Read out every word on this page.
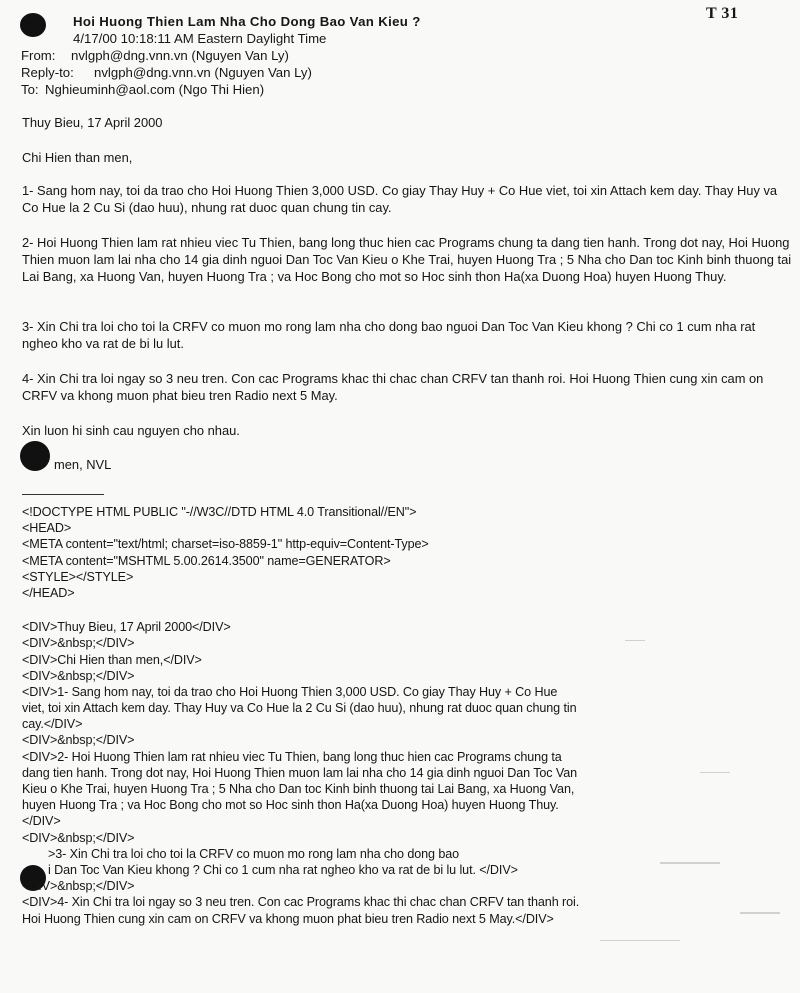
T 31
Hoi Huong Thien Lam Nha Cho Dong Bao Van Kieu ?
4/17/00 10:18:11 AM Eastern Daylight Time
From: nvlgph@dng.vnn.vn (Nguyen Van Ly)
Reply-to: nvlgph@dng.vnn.vn (Nguyen Van Ly)
To: Nghieuminh@aol.com (Ngo Thi Hien)

Thuy Bieu, 17 April 2000

Chi Hien than men,

1- Sang hom nay, toi da trao cho Hoi Huong Thien 3,000 USD. Co giay Thay Huy + Co Hue viet, toi xin Attach kem day. Thay Huy va Co Hue la 2 Cu Si (dao huu), nhung rat duoc quan chung tin cay.

2- Hoi Huong Thien lam rat nhieu viec Tu Thien, bang long thuc hien cac Programs chung ta dang tien hanh. Trong dot nay, Hoi Huong Thien muon lam lai nha cho 14 gia dinh nguoi Dan Toc Van Kieu o Khe Trai, huyen Huong Tra ; 5 Nha cho Dan toc Kinh binh thuong tai Lai Bang, xa Huong Van, huyen Huong Tra ; va Hoc Bong cho mot so Hoc sinh thon Ha(xa Duong Hoa) huyen Huong Thuy.

3- Xin Chi tra loi cho toi la CRFV co muon mo rong lam nha cho dong bao nguoi Dan Toc Van Kieu khong ? Chi co 1 cum nha rat ngheo kho va rat de bi lu lut.

4- Xin Chi tra loi ngay so 3 neu tren. Con cac Programs khac thi chac chan CRFV tan thanh roi. Hoi Huong Thien cung xin cam on CRFV va khong muon phat bieu tren Radio next 5 May.

Xin luon hi sinh cau nguyen cho nhau.

men, NVL

<!DOCTYPE HTML PUBLIC "-//W3C//DTD HTML 4.0 Transitional//EN">
<HEAD>
<META content="text/html; charset=iso-8859-1" http-equiv=Content-Type>
<META content="MSHTML 5.00.2614.3500" name=GENERATOR>
<STYLE></STYLE>
</HEAD>
<DIV>Thuy Bieu, 17 April 2000</DIV>
<DIV>&nbsp;</DIV>
<DIV>Chi Hien than men,</DIV>
<DIV>&nbsp;</DIV>
<DIV>1- Sang hom nay, toi da trao cho Hoi Huong Thien 3,000 USD. Co giay Thay Huy + Co Hue viet, toi xin Attach kem day. Thay Huy va Co Hue la 2 Cu Si (dao huu), nhung rat duoc quan chung tin cay.</DIV>
<DIV>&nbsp;</DIV>
<DIV>2- Hoi Huong Thien lam rat nhieu viec Tu Thien, bang long thuc hien cac Programs chung ta dang tien hanh. Trong dot nay, Hoi Huong Thien muon lam lai nha cho 14 gia dinh nguoi Dan Toc Van Kieu o Khe Trai, huyen Huong Tra ; 5 Nha cho Dan toc Kinh binh thuong tai Lai Bang, xa Huong Van, huyen Huong Tra ; va Hoc Bong cho mot so Hoc sinh thon Ha(xa Duong Hoa) huyen Huong Thuy.</DIV>
<DIV>&nbsp;</DIV>
>3- Xin Chi tra loi cho toi la CRFV co muon mo rong lam nha cho dong bao
i Dan Toc Van Kieu khong ? Chi co 1 cum nha rat ngheo kho va rat de bi lu lut. </DIV>
<DIV>&nbsp;</DIV>
<DIV>4- Xin Chi tra loi ngay so 3 neu tren. Con cac Programs khac thi chac chan CRFV tan thanh roi. Hoi Huong Thien cung xin cam on CRFV va khong muon phat bieu tren Radio next 5 May.</DIV>
